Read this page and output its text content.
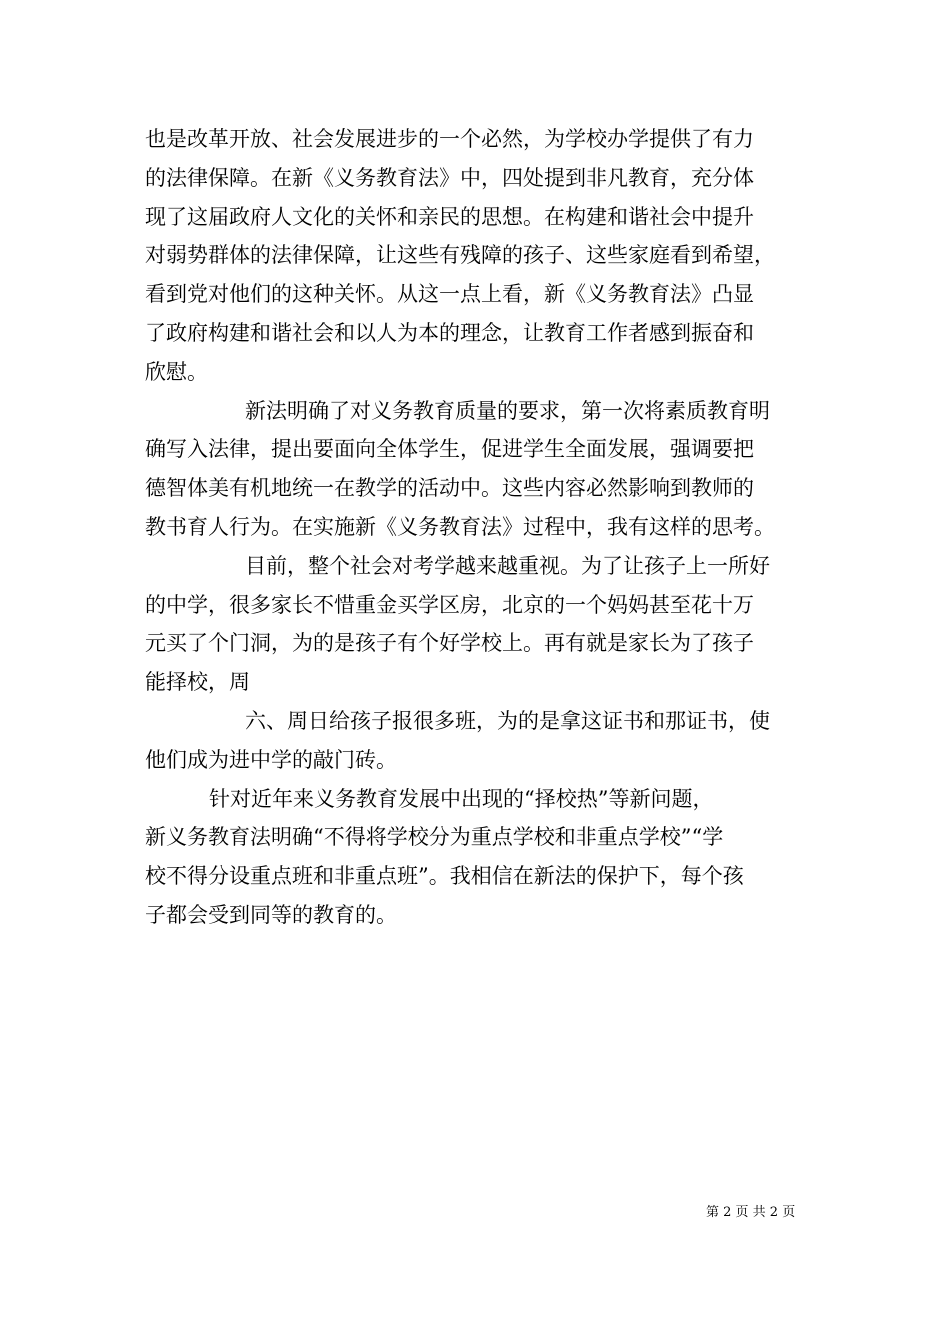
也是改革开放、社会发展进步的一个必然，为学校办学提供了有力
的法律保障。在新《义务教育法》中，四处提到非凡教育，充分体
现了这届政府人文化的关怀和亲民的思想。在构建和谐社会中提升
对弱势群体的法律保障，让这些有残障的孩子、这些家庭看到希望，
看到党对他们的这种关怀。从这一点上看，新《义务教育法》凸显
了政府构建和谐社会和以人为本的理念，让教育工作者感到振奋和
欣慰。
新法明确了对义务教育质量的要求，第一次将素质教育明
确写入法律，提出要面向全体学生，促进学生全面发展，强调要把
德智体美有机地统一在教学的活动中。这些内容必然影响到教师的
教书育人行为。在实施新《义务教育法》过程中，我有这样的思考。
目前，整个社会对考学越来越重视。为了让孩子上一所好
的中学，很多家长不惜重金买学区房，北京的一个妈妈甚至花十万
元买了个门洞，为的是孩子有个好学校上。再有就是家长为了孩子
能择校，周
六、周日给孩子报很多班，为的是拿这证书和那证书，使
他们成为进中学的敲门砖。
针对近年来义务教育发展中出现的“择校热”等新问题，
新义务教育法明确“不得将学校分为重点学校和非重点学校”“学
校不得分设重点班和非重点班”。我相信在新法的保护下，每个孩
子都会受到同等的教育的。
第 2 页 共 2 页
